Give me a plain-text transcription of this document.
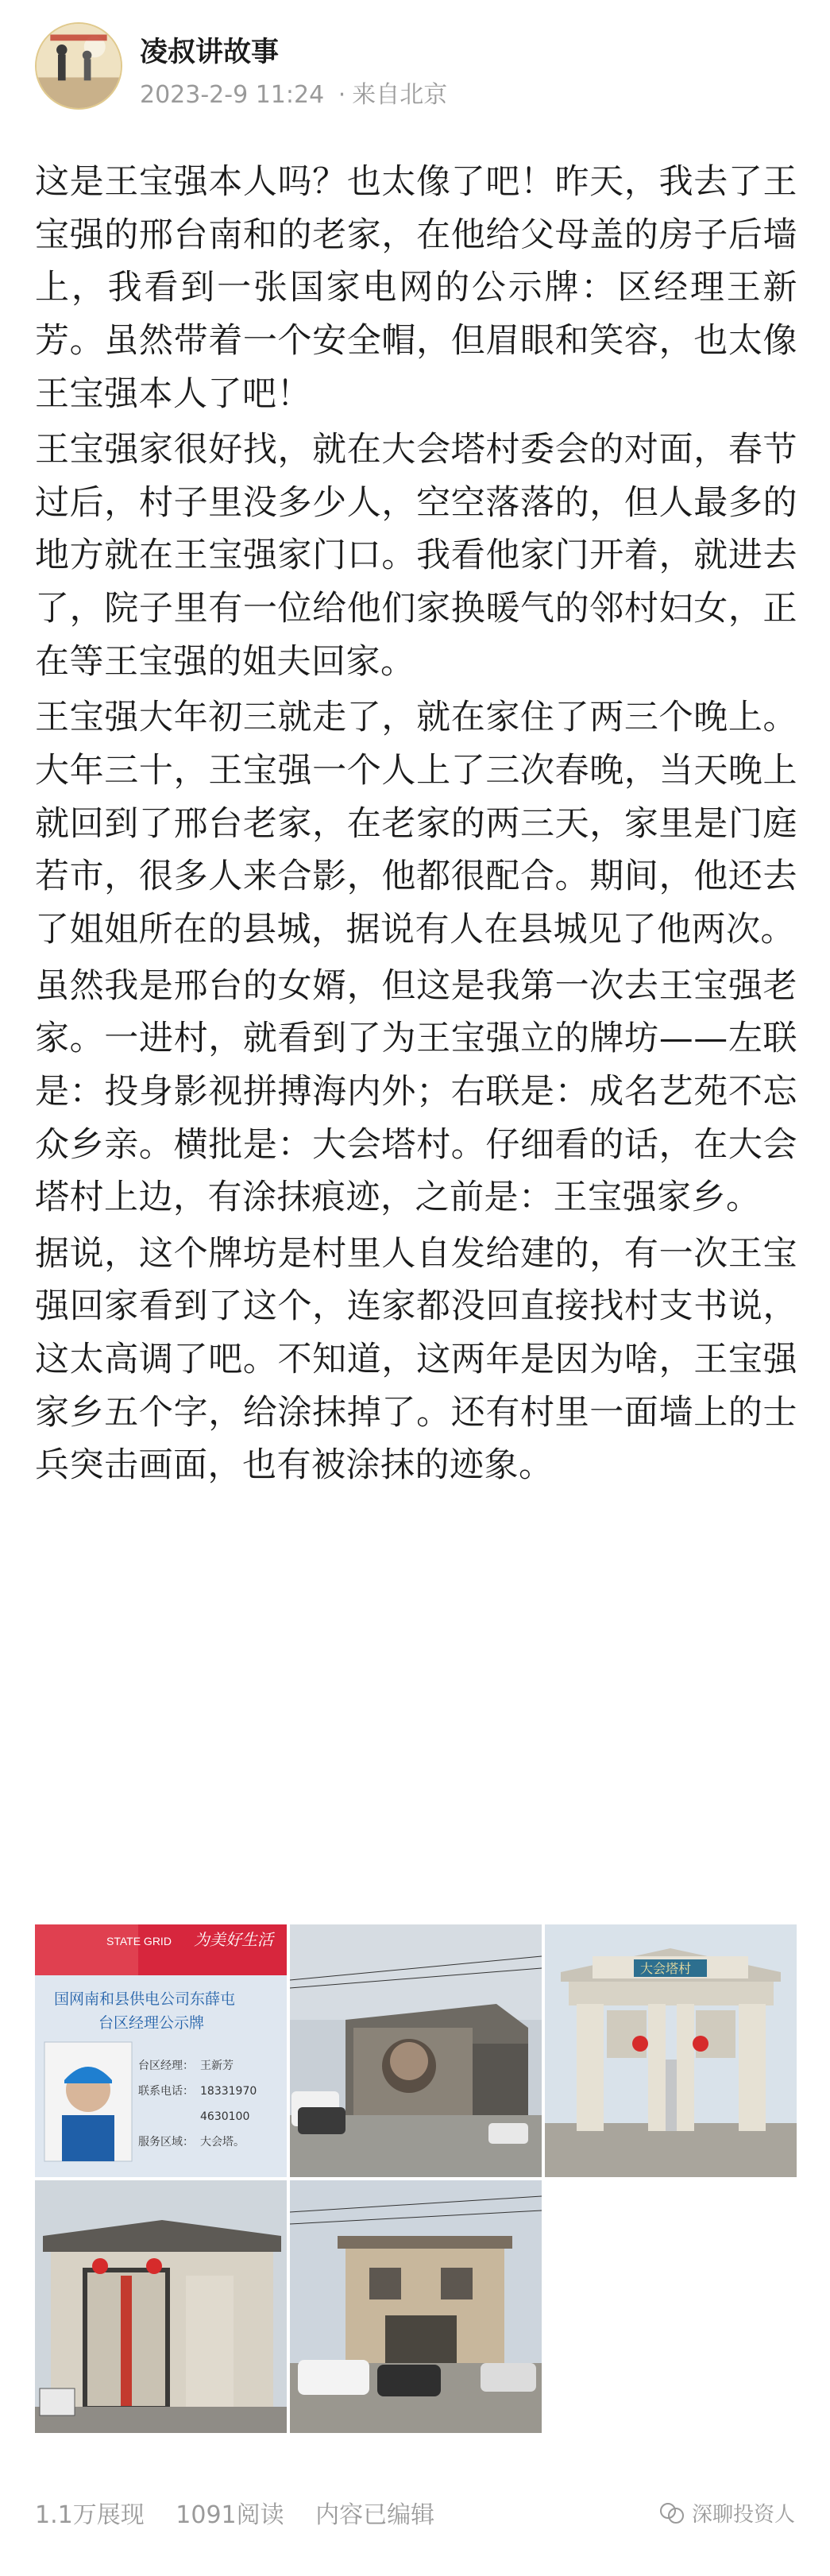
凌叔讲故事
2023-2-9 11:24 · 来自北京

这是王宝强本人吗？也太像了吧！昨天，我去了王宝强的邢台南和的老家，在他给父母盖的房子后墙上，我看到一张国家电网的公示牌：区经理王新芳。虽然带着一个安全帽，但眉眼和笑容，也太像王宝强本人了吧！

王宝强家很好找，就在大会塔村委会的对面，春节过后，村子里没多少人，空空落落的，但人最多的地方就在王宝强家门口。我看他家门开着，就进去了，院子里有一位给他们家换暖气的邻村妇女，正在等王宝强的姐夫回家。

王宝强大年初三就走了，就在家住了两三个晚上。大年三十，王宝强一个人上了三次春晚，当天晚上就回到了邢台老家，在老家的两三天，家里是门庭若市，很多人来合影，他都很配合。期间，他还去了姐姐所在的县城，据说有人在县城见了他两次。

虽然我是邢台的女婿，但这是我第一次去王宝强老家。一进村，就看到了为王宝强立的牌坊——左联是：投身影视拼搏海内外；右联是：成名艺苑不忘众乡亲。横批是：大会塔村。仔细看的话，在大会塔村上边，有涂抹痕迹，之前是：王宝强家乡。

据说，这个牌坊是村里人自发给建的，有一次王宝强回家看到了这个，连家都没回直接找村支书说，这太高调了吧。不知道，这两年是因为啥，王宝强家乡五个字，给涂抹掉了。还有村里一面墙上的士兵突击画面，也有被涂抹的迹象。

STATE GRID 为美好生活
国网南和县供电公司东薛屯
台区经理公示牌
台区经理： 王新芳
联系电话： 18331970
4630100
服务区域： 大会塔。
大会塔村
1.1万展现 1091阅读 内容已编辑	深聊投资人
